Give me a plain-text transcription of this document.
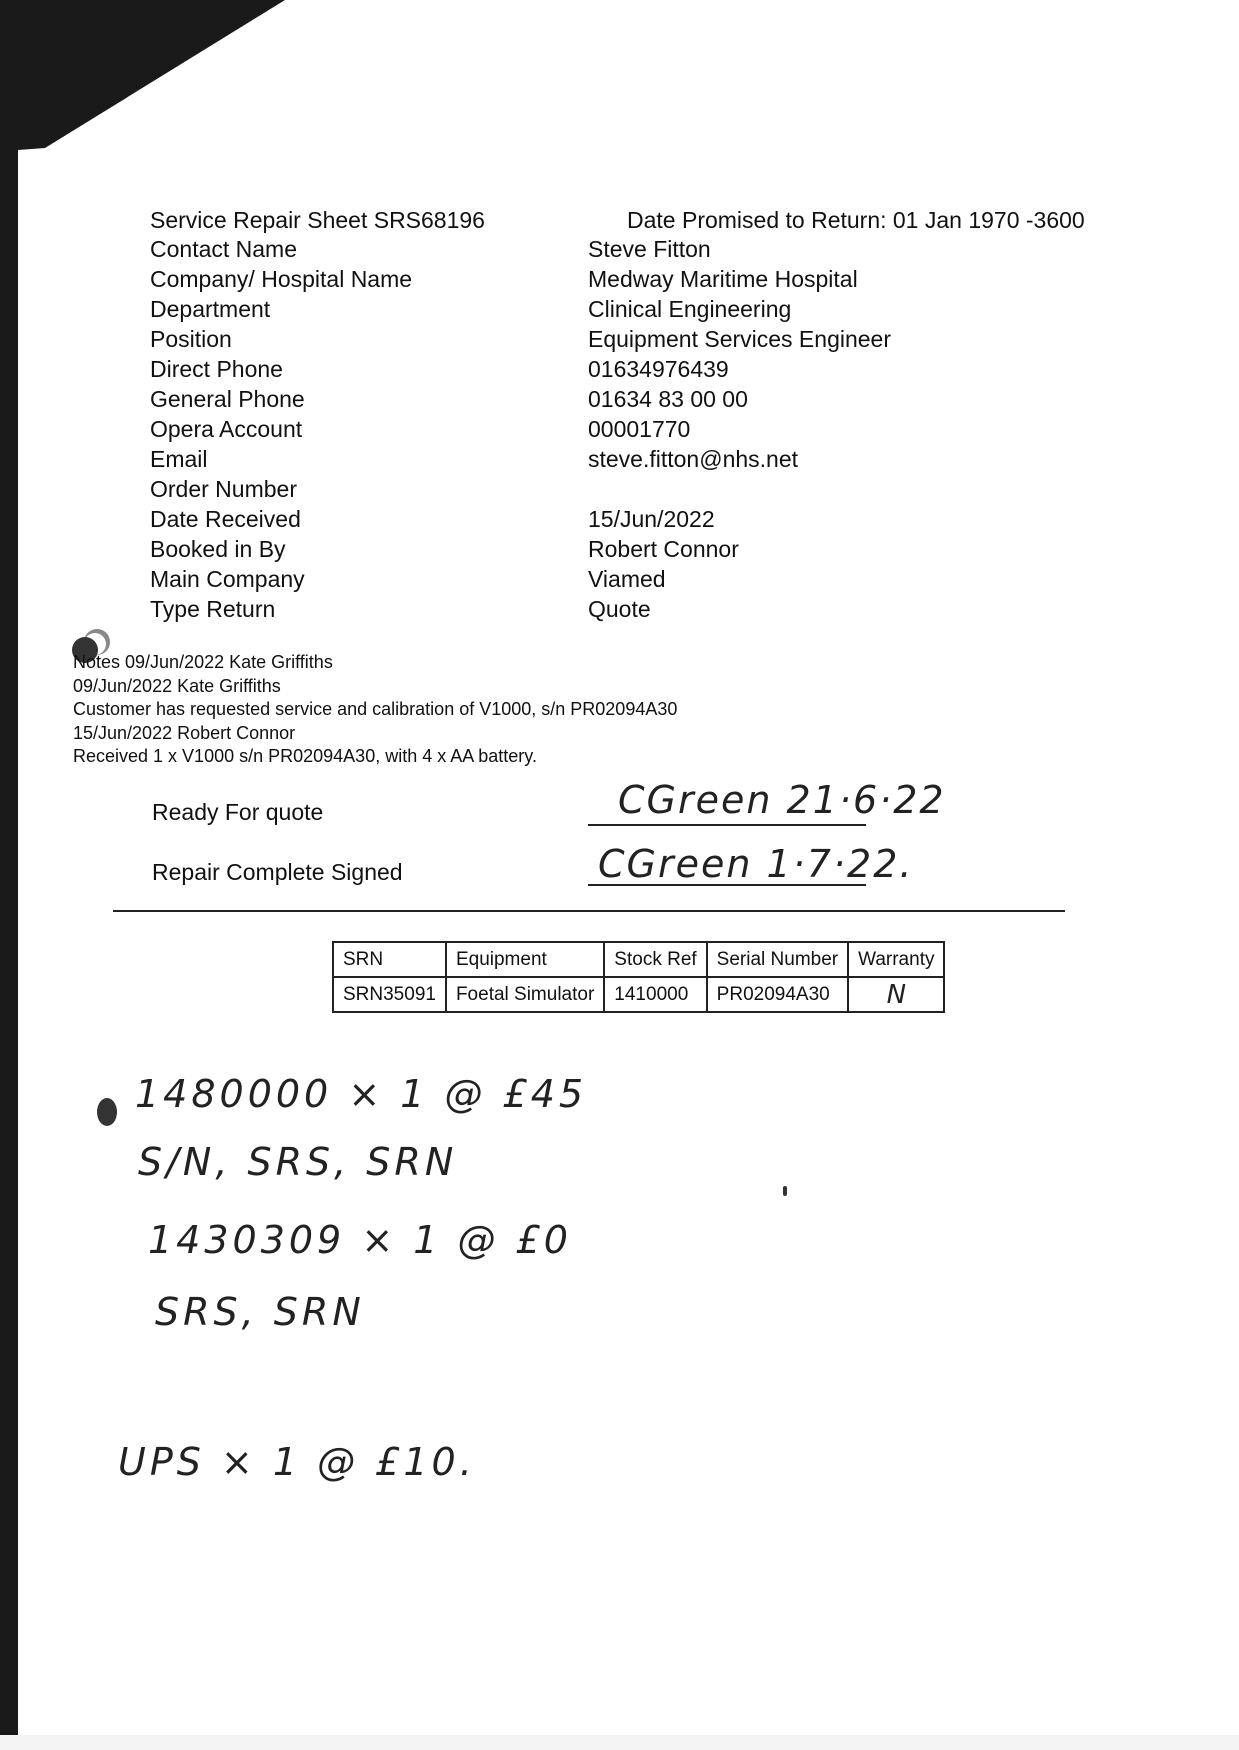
Service Repair Sheet SRS68196	Date Promised to Return: 01 Jan 1970 -3600
Contact Name	Steve Fitton
Company/ Hospital Name	Medway Maritime Hospital
Department	Clinical Engineering
Position	Equipment Services Engineer
Direct Phone	01634976439
General Phone	01634 83 00 00
Opera Account	00001770
Email	steve.fitton@nhs.net
Order Number
Date Received	15/Jun/2022
Booked in By	Robert Connor
Main Company	Viamed
Type Return	Quote
Notes 09/Jun/2022 Kate Griffiths
09/Jun/2022 Kate Griffiths
Customer has requested service and calibration of V1000, s/n PR02094A30
15/Jun/2022 Robert Connor
Received 1 x V1000 s/n PR02094A30, with 4 x AA battery.
Ready For quote	CGreen 21·6·22
Repair Complete Signed	CGreen 1·7·22.
SRN	Equipment	Stock Ref	Serial Number	Warranty
SRN35091	Foetal Simulator	1410000	PR02094A30	N
1480000 × 1 @ £45
S/N, SRS, SRN
1430309 × 1 @ £0
SRS, SRN
UPS × 1 @ £10.
